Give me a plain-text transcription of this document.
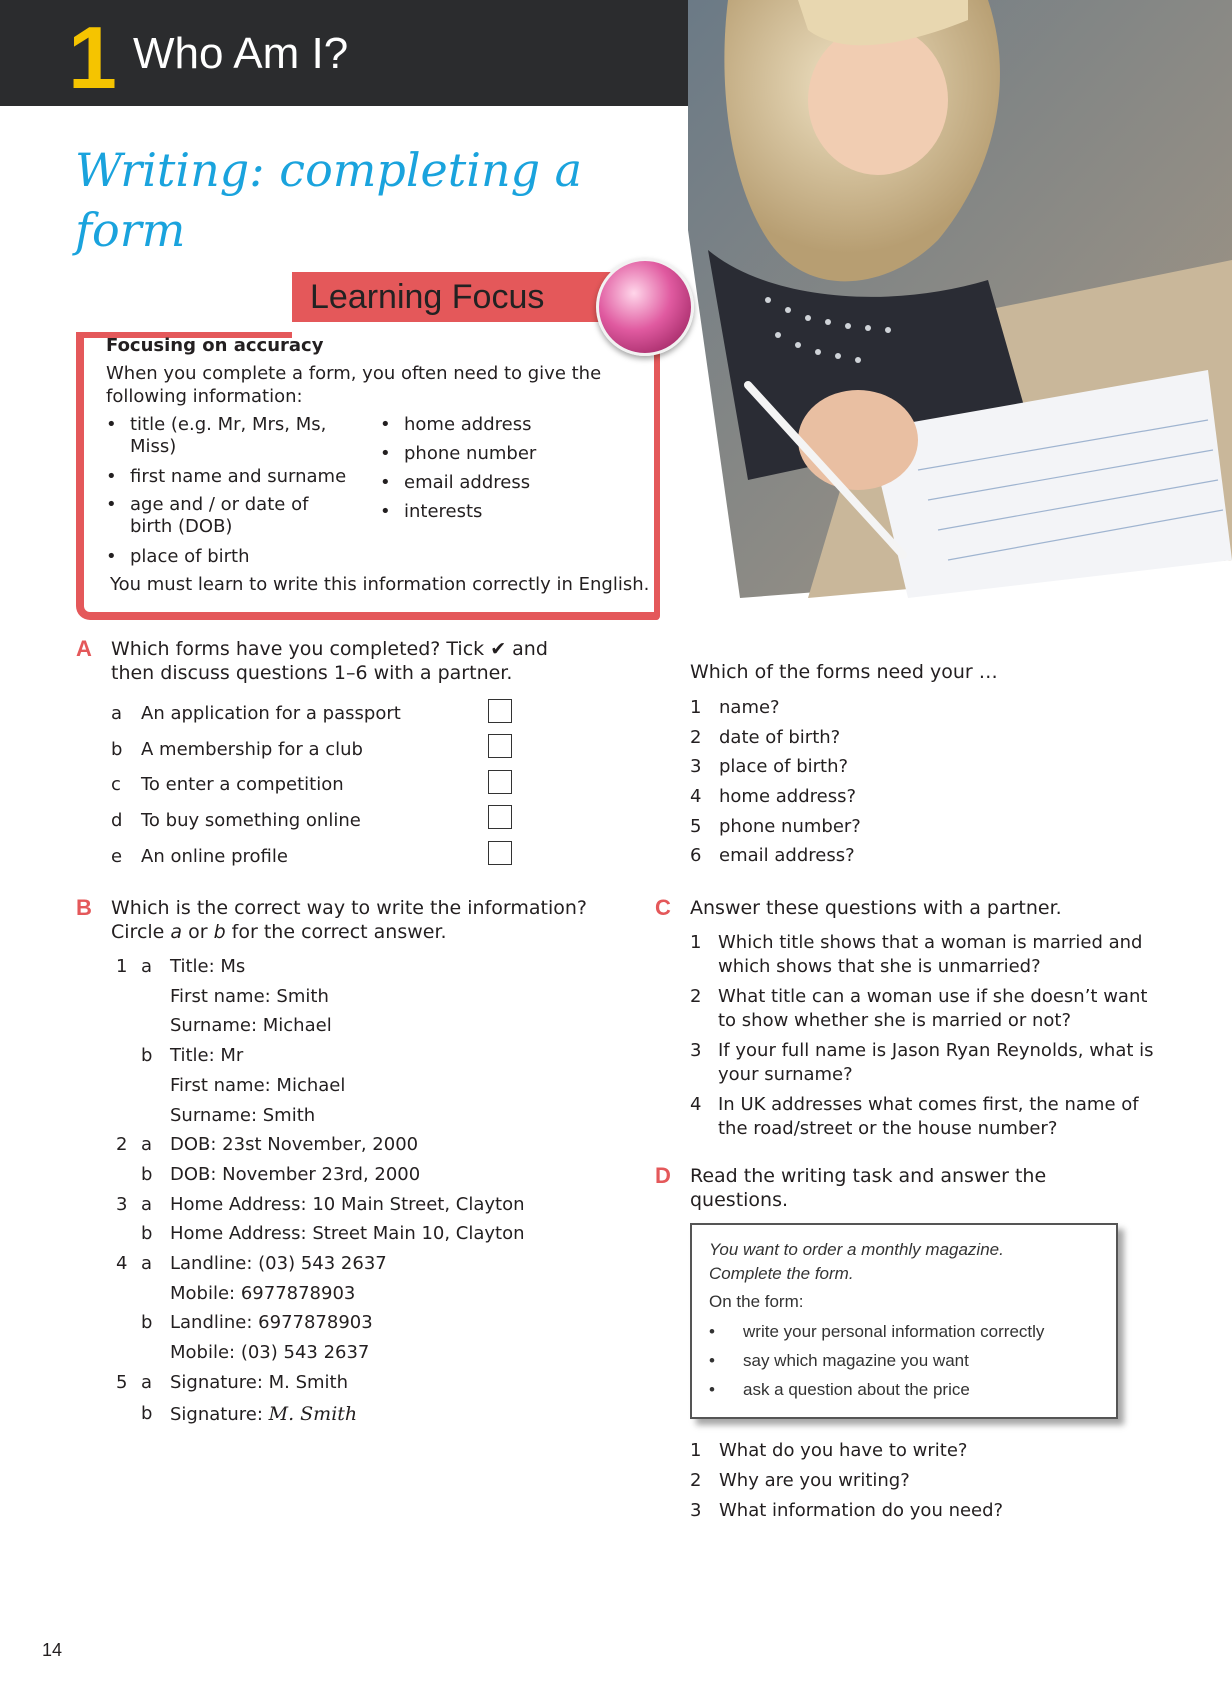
1 Who Am I?
Writing: completing a form
Learning Focus
Focusing on accuracy
When you complete a form, you often need to give the following information:
• title (e.g. Mr, Mrs, Ms, Miss)
• first name and surname
• age and / or date of birth (DOB)
• place of birth
• home address
• phone number
• email address
• interests
You must learn to write this information correctly in English.
A Which forms have you completed? Tick ✔ and
then discuss questions 1–6 with a partner.
a An application for a passport
b A membership for a club
c To enter a competition
d To buy something online
e An online profile
Which of the forms need your …
1 name?
2 date of birth?
3 place of birth?
4 home address?
5 phone number?
6 email address?
B Which is the correct way to write the information?
Circle a or b for the correct answer.
1 a Title: Ms
First name: Smith
Surname: Michael
b Title: Mr
First name: Michael
Surname: Smith
2 a DOB: 23st November, 2000
b DOB: November 23rd, 2000
3 a Home Address: 10 Main Street, Clayton
b Home Address: Street Main 10, Clayton
4 a Landline: (03) 543 2637
Mobile: 6977878903
b Landline: 6977878903
Mobile: (03) 543 2637
5 a Signature: M. Smith
b Signature: M. Smith
C Answer these questions with a partner.
1 Which title shows that a woman is married and
which shows that she is unmarried?
2 What title can a woman use if she doesn’t want
to show whether she is married or not?
3 If your full name is Jason Ryan Reynolds, what is
your surname?
4 In UK addresses what comes first, the name of
the road/street or the house number?
D Read the writing task and answer the
questions.
You want to order a monthly magazine.
Complete the form.
On the form:
• write your personal information correctly
• say which magazine you want
• ask a question about the price
1 What do you have to write?
2 Why are you writing?
3 What information do you need?
14
